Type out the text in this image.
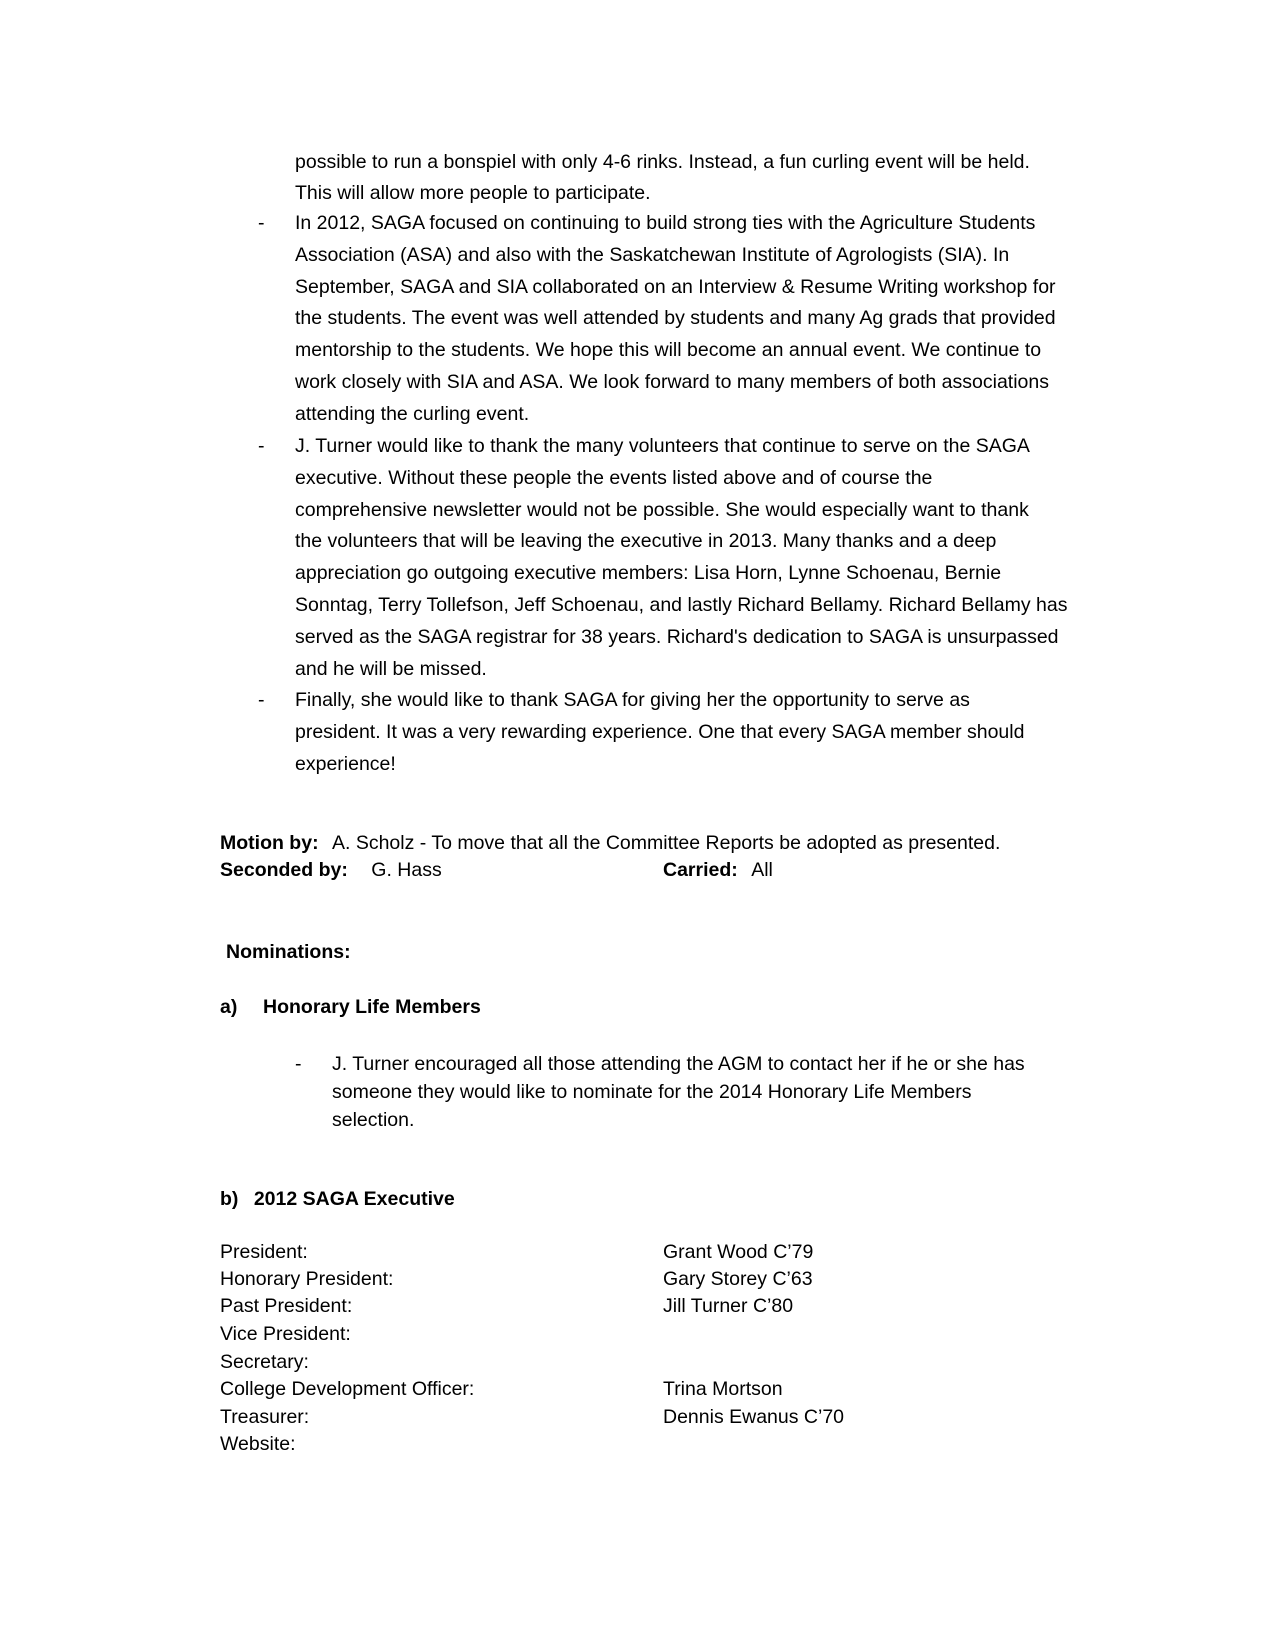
possible to run a bonspiel with only 4-6 rinks. Instead, a fun curling event will be held.
This will allow more people to participate.
- In 2012, SAGA focused on continuing to build strong ties with the Agriculture Students
Association (ASA) and also with the Saskatchewan Institute of Agrologists (SIA). In
September, SAGA and SIA collaborated on an Interview & Resume Writing workshop for
the students. The event was well attended by students and many Ag grads that provided
mentorship to the students. We hope this will become an annual event. We continue to
work closely with SIA and ASA. We look forward to many members of both associations
attending the curling event.
- J. Turner would like to thank the many volunteers that continue to serve on the SAGA
executive. Without these people the events listed above and of course the
comprehensive newsletter would not be possible. She would especially want to thank
the volunteers that will be leaving the executive in 2013. Many thanks and a deep
appreciation go outgoing executive members: Lisa Horn, Lynne Schoenau, Bernie
Sonntag, Terry Tollefson, Jeff Schoenau, and lastly Richard Bellamy. Richard Bellamy has
served as the SAGA registrar for 38 years. Richard's dedication to SAGA is unsurpassed
and he will be missed.
- Finally, she would like to thank SAGA for giving her the opportunity to serve as
president. It was a very rewarding experience. One that every SAGA member should
experience!
Motion by: A. Scholz - To move that all the Committee Reports be adopted as presented.
Seconded by: G. Hass	Carried: All
Nominations:
a) Honorary Life Members
- J. Turner encouraged all those attending the AGM to contact her if he or she has
someone they would like to nominate for the 2014 Honorary Life Members
selection.
b) 2012 SAGA Executive
President:	Grant Wood C’79
Honorary President:	Gary Storey C’63
Past President:	Jill Turner C’80
Vice President:
Secretary:
College Development Officer:	Trina Mortson
Treasurer:	Dennis Ewanus C’70
Website:
